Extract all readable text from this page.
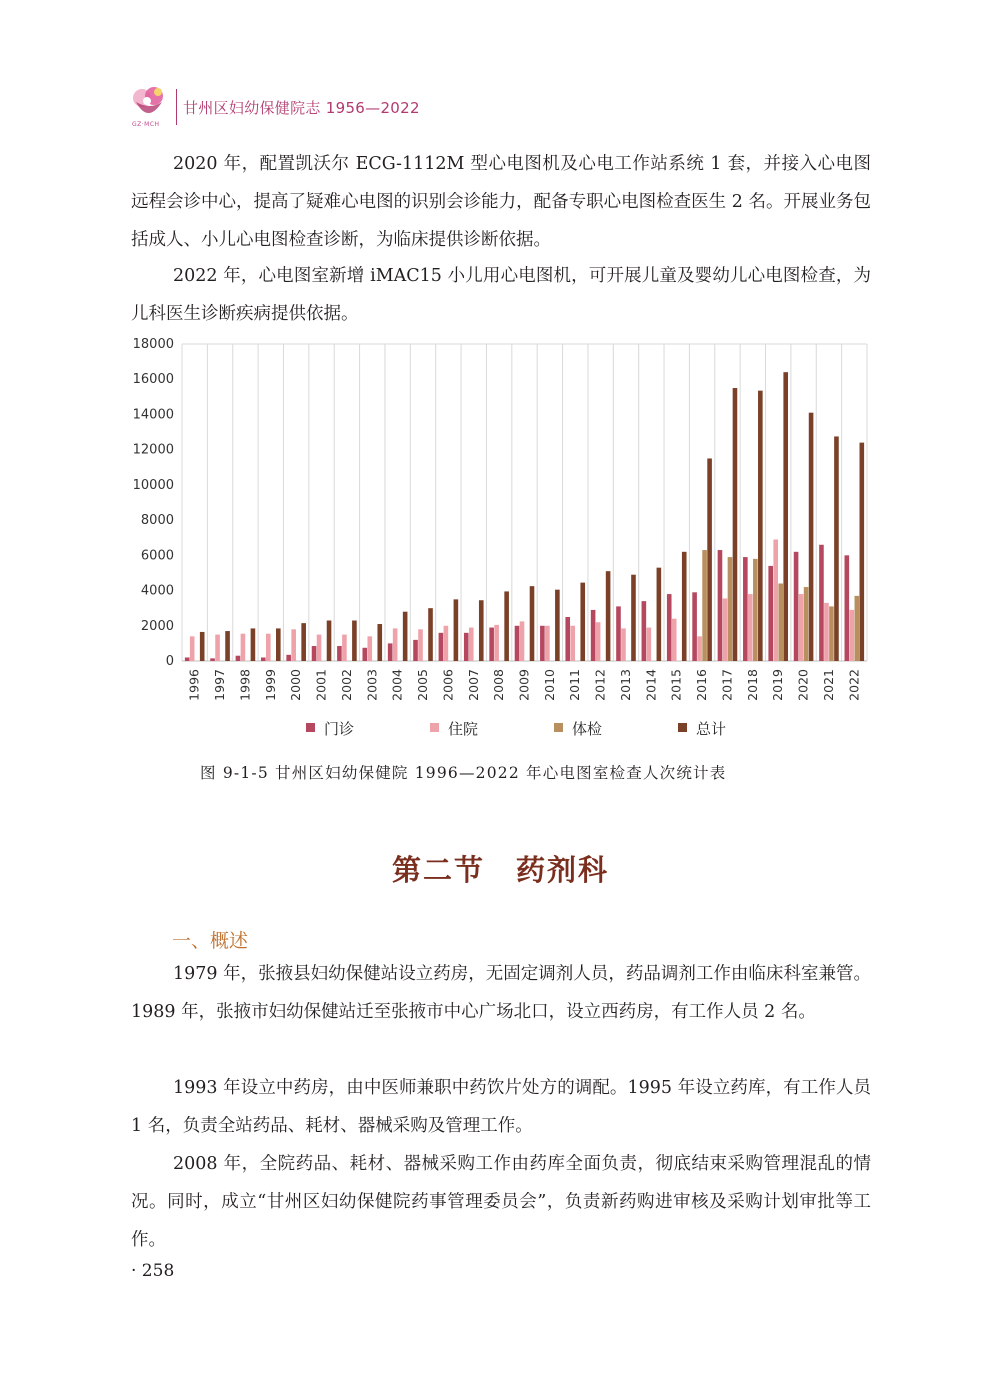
GZ·MCH
甘州区妇幼保健院志 1956—2022

2020 年，配置凯沃尔 ECG-1112M 型心电图机及心电工作站系统 1 套，并接入心电图远程会诊中心，提高了疑难心电图的识别会诊能力，配备专职心电图检查医生 2 名。开展业务包括成人、小儿心电图检查诊断，为临床提供诊断依据。

2022 年，心电图室新增 iMAC15 小儿用心电图机，可开展儿童及婴幼儿心电图检查，为儿科医生诊断疾病提供依据。

0
2000
4000
6000
8000
10000
12000
14000
16000
18000
1996 1997 1998 1999 2000 2001 2002 2003 2004 2005 2006 2007 2008 2009 2010 2011 2012 2013 2014 2015 2016 2017 2018 2019 2020 2021 2022
门诊	住院	体检	总计
图 9-1-5 甘州区妇幼保健院 1996—2022 年心电图室检查人次统计表
第二节　药剂科
一、概述

1979 年，张掖县妇幼保健站设立药房，无固定调剂人员，药品调剂工作由临床科室兼管。1989 年，张掖市妇幼保健站迁至张掖市中心广场北口，设立西药房，有工作人员 2 名。

1993 年设立中药房，由中医师兼职中药饮片处方的调配。1995 年设立药库，有工作人员 1 名，负责全站药品、耗材、器械采购及管理工作。

2008 年，全院药品、耗材、器械采购工作由药库全面负责，彻底结束采购管理混乱的情况。同时，成立“甘州区妇幼保健院药事管理委员会”，负责新药购进审核及采购计划审批等工作。

· 258
